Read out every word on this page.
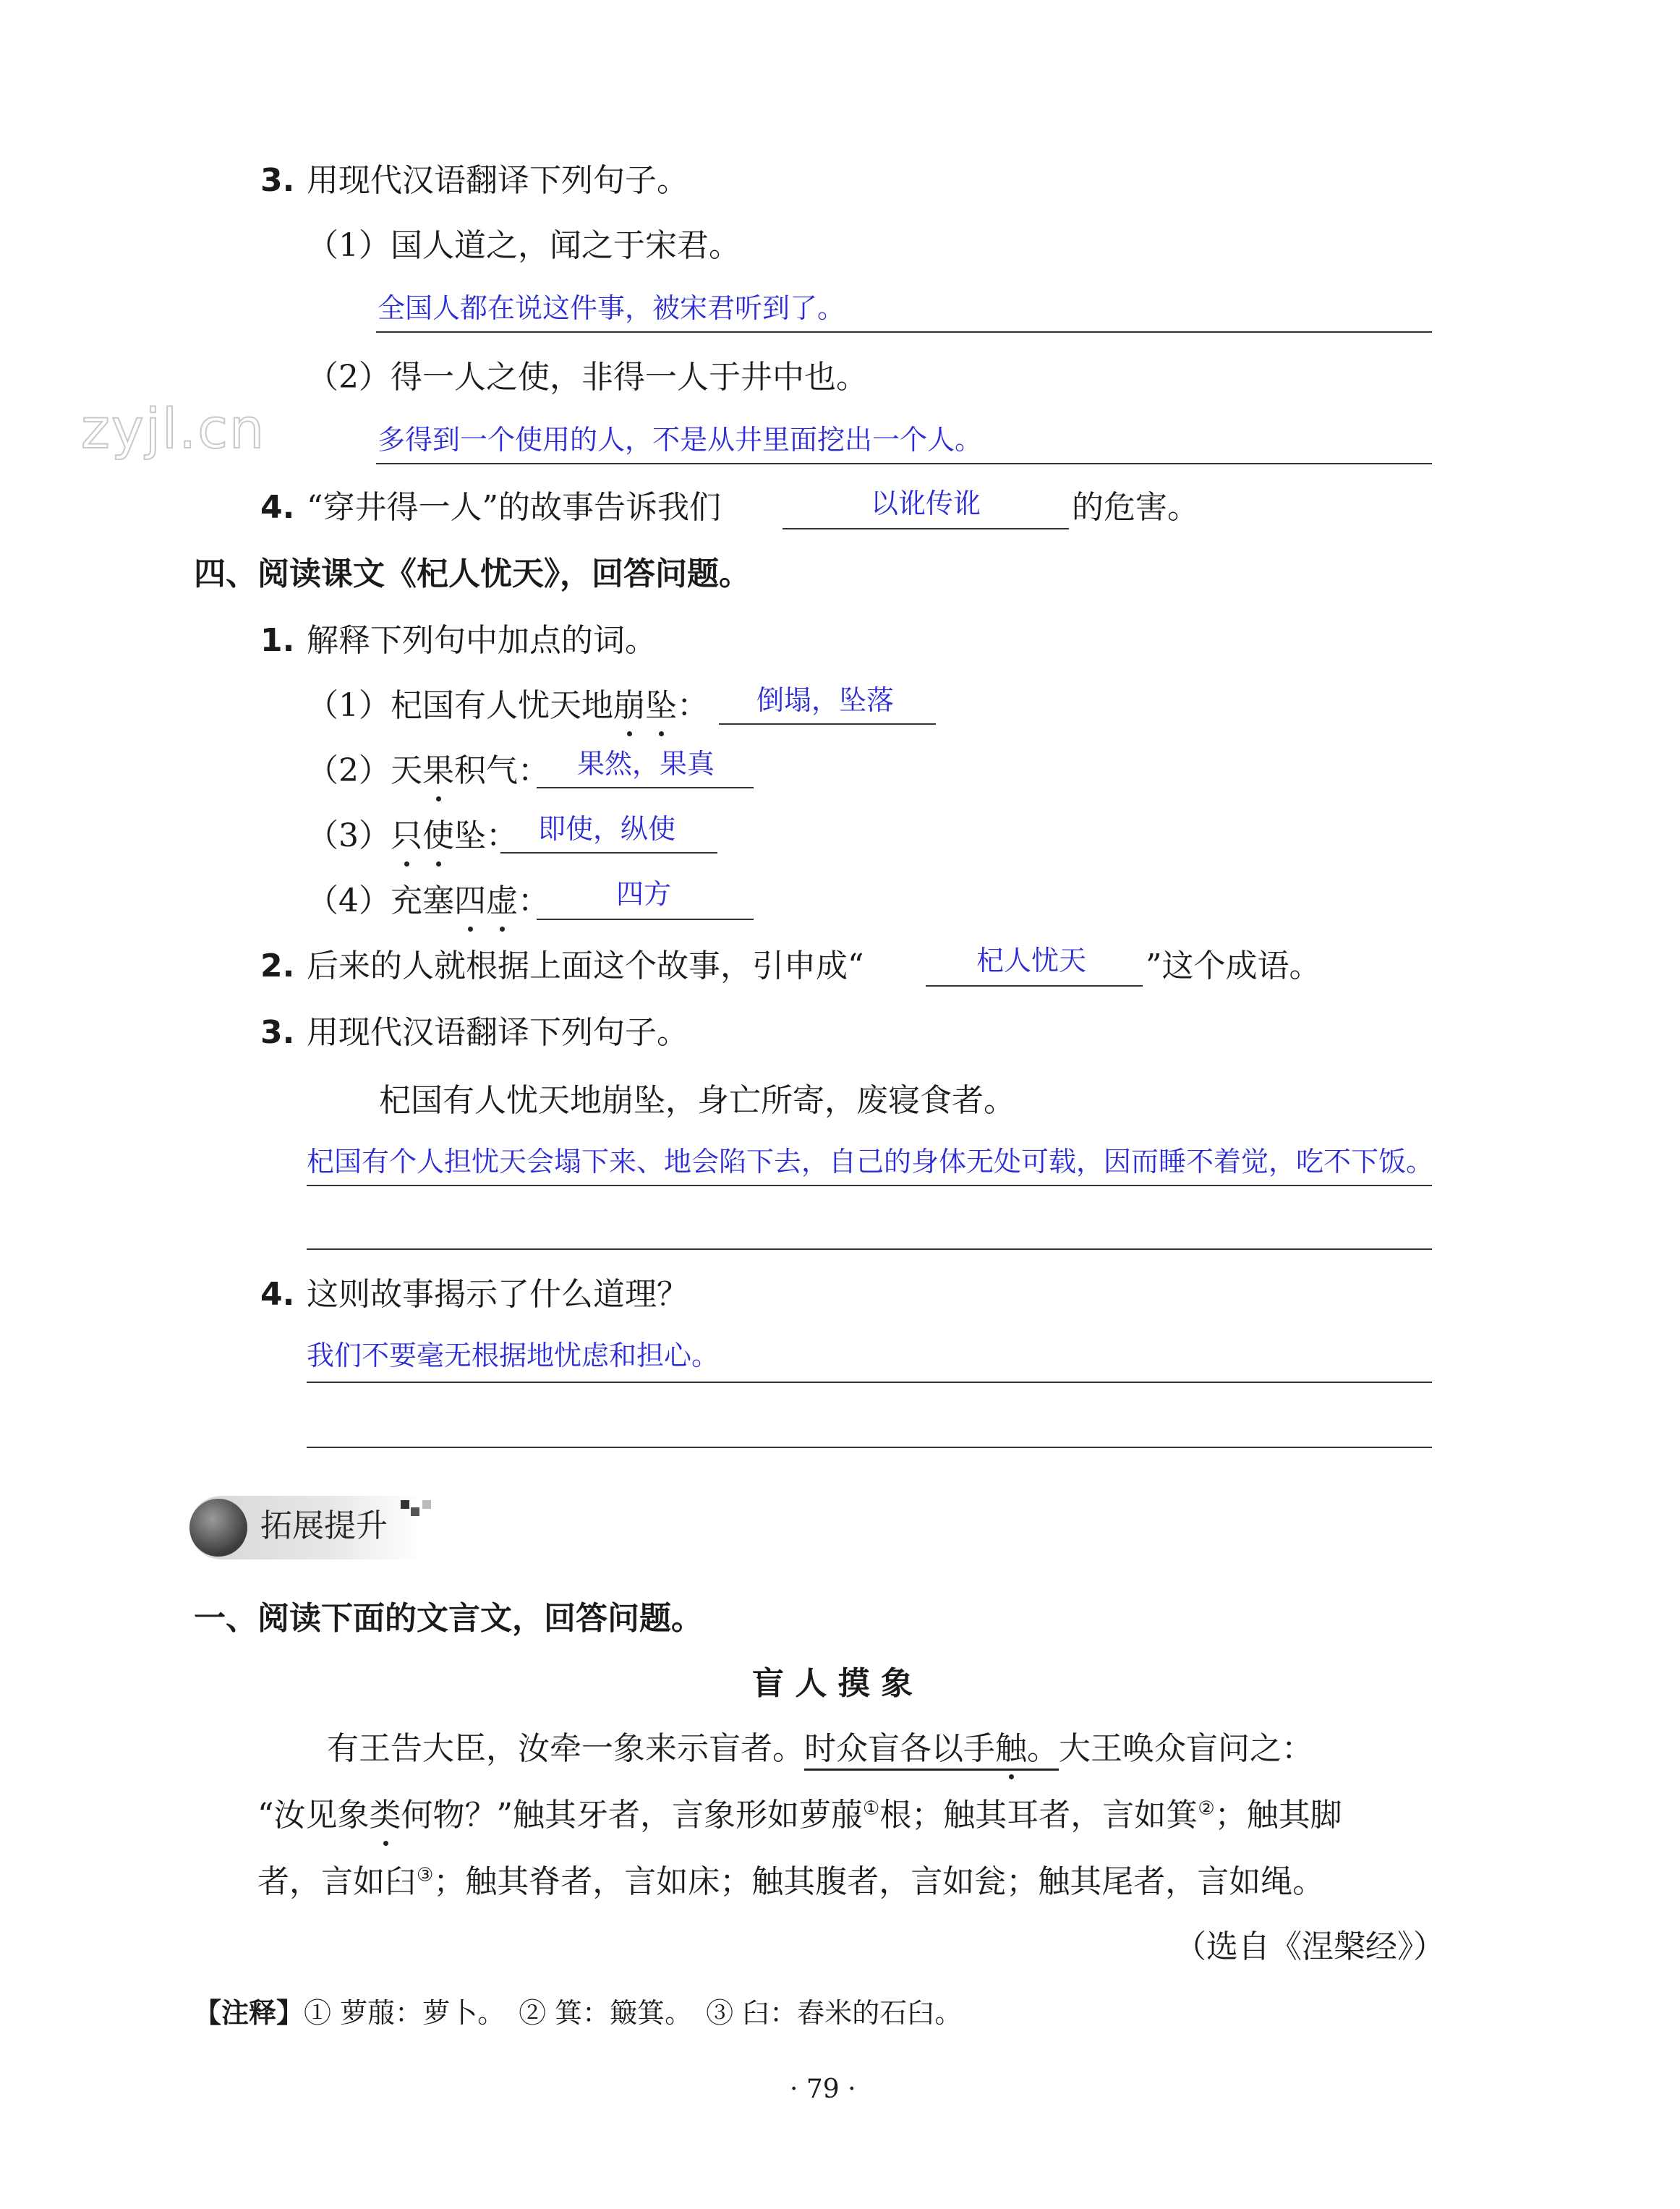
zyjl.cn
3. 用现代汉语翻译下列句子。
（1）国人道之，闻之于宋君。
全国人都在说这件事，被宋君听到了。
（2）得一人之使，非得一人于井中也。
多得到一个使用的人，不是从井里面挖出一个人。
4. “穿井得一人”的故事告诉我们	以讹传讹	的危害。
四、阅读课文《杞人忧天》，回答问题。
1. 解释下列句中加点的词。
（1）杞国有人忧天地崩坠： 倒塌，坠落
（2）天果积气： 果然，果真
（3）只使坠： 即使，纵使
（4）充塞四虚： 四方
2. 后来的人就根据上面这个故事，引申成“	杞人忧天 ”这个成语。
3. 用现代汉语翻译下列句子。
杞国有人忧天地崩坠，身亡所寄，废寝食者。
杞国有个人担忧天会塌下来、地会陷下去，自己的身体无处可载，因而睡不着觉，吃不下饭。
4. 这则故事揭示了什么道理？
我们不要毫无根据地忧虑和担心。
拓展提升
一、阅读下面的文言文，回答问题。
盲 人 摸 象
有王告大臣，汝牵一象来示盲者。时众盲各以手触。大王唤众盲问之：
“汝见象类何物？”触其牙者，言象形如萝菔①根；触其耳者，言如箕②；触其脚
者，言如臼③；触其脊者，言如床；触其腹者，言如瓮；触其尾者，言如绳。
（选自《涅槃经》）
【注释】① 萝菔：萝卜。　② 箕：簸箕。　③ 臼：舂米的石臼。
· 79 ·
